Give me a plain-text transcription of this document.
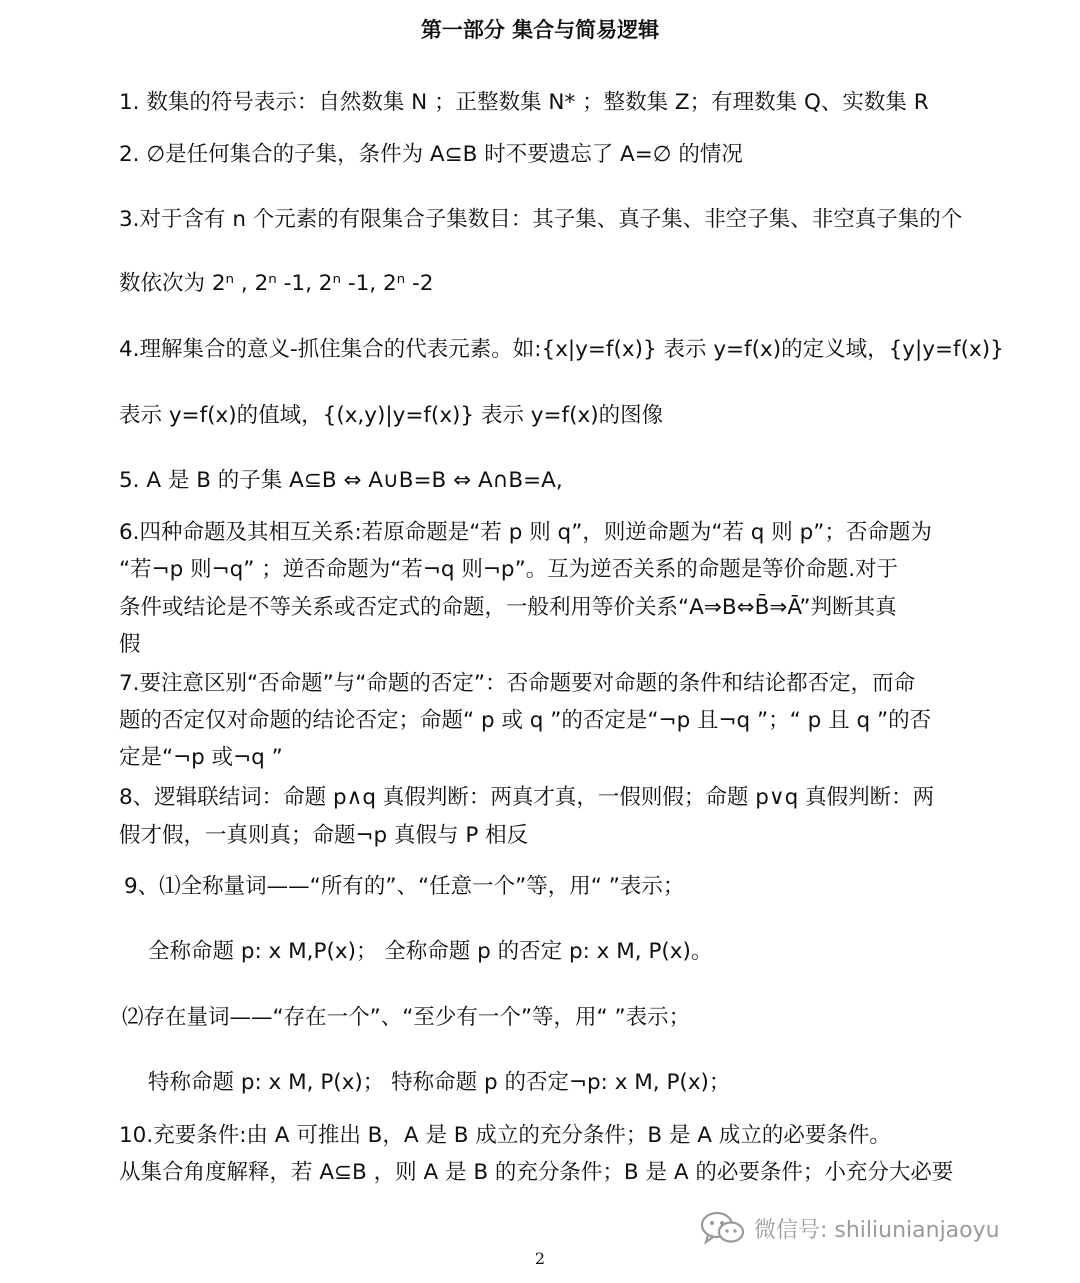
第一部分 集合与简易逻辑
1. 数集的符号表示：自然数集 N ；正整数集 N* ；整数集 Z；有理数集 Q、实数集 R
2. ∅是任何集合的子集，条件为 A⊆B 时不要遗忘了 A=∅ 的情况
3.对于含有 n 个元素的有限集合子集数目：其子集、真子集、非空子集、非空真子集的个
数依次为 2ⁿ , 2ⁿ -1, 2ⁿ -1, 2ⁿ -2
4.理解集合的意义-抓住集合的代表元素。如:{x|y=f(x)} 表示 y=f(x)的定义域，{y|y=f(x)}
表示 y=f(x)的值域，{(x,y)|y=f(x)} 表示 y=f(x)的图像
5. A 是 B 的子集 A⊆B ⇔ A∪B=B ⇔ A∩B=A,
6.四种命题及其相互关系:若原命题是“若 p 则 q”，则逆命题为“若 q 则 p”；否命题为
“若¬p 则¬q” ；逆否命题为“若¬q 则¬p”。互为逆否关系的命题是等价命题.对于
条件或结论是不等关系或否定式的命题，一般利用等价关系“A⇒B⇔B̄⇒Ā”判断其真
假
7.要注意区别“否命题”与“命题的否定”：否命题要对命题的条件和结论都否定，而命
题的否定仅对命题的结论否定；命题“ p 或 q ”的否定是“¬p 且¬q ”；“ p 且 q ”的否
定是“¬p 或¬q ”
8、逻辑联结词：命题 p∧q 真假判断：两真才真，一假则假；命题 p∨q 真假判断：两
假才假，一真则真；命题¬p 真假与 P 相反
9、⑴全称量词——“所有的”、“任意一个”等，用“ ”表示；
全称命题 p: x M,P(x)； 全称命题 p 的否定 p: x M, P(x)。
⑵存在量词——“存在一个”、“至少有一个”等，用“ ”表示；
特称命题 p: x M, P(x)； 特称命题 p 的否定¬p: x M, P(x)；
10.充要条件:由 A 可推出 B，A 是 B 成立的充分条件；B 是 A 成立的必要条件。
从集合角度解释，若 A⊆B ，则 A 是 B 的充分条件；B 是 A 的必要条件；小充分大必要
微信号: shiliunianjaoyu
2
